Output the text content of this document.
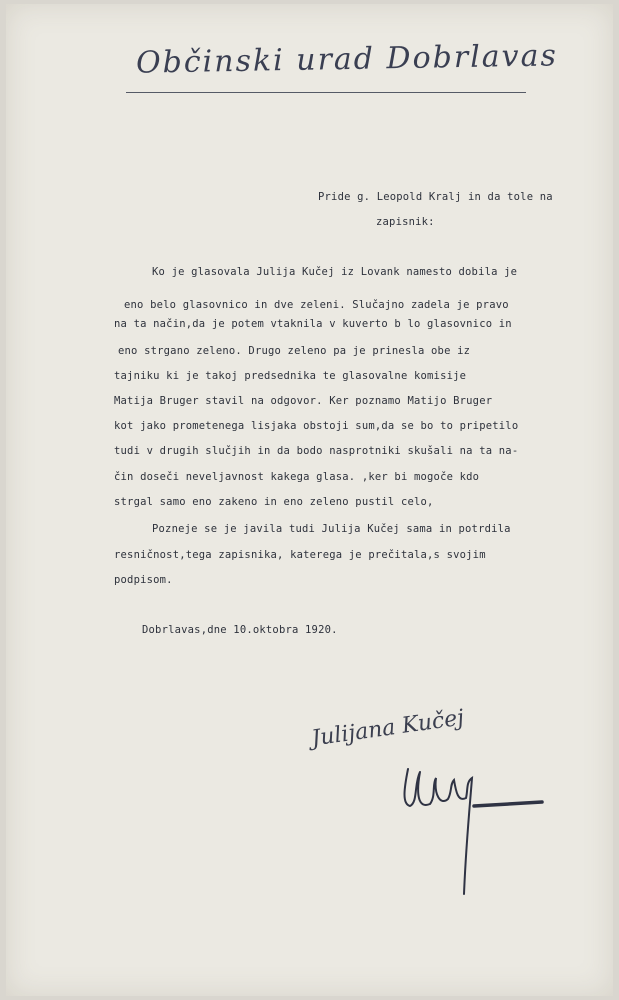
Občinski urad Dobrlavas
Pride g. Leopold Kralj in da tole na
zapisnik:
Ko je glasovala Julija Kučej iz Lovank namesto dobila je
eno belo glasovnico in dve zeleni. Slučajno zadela je pravo
na ta način,da je potem vtaknila v kuverto b lo glasovnico in
eno strgano zeleno. Drugo zeleno pa je prinesla obe iz
tajniku ki je takoj predsednika te glasovalne komisije
Matija Bruger stavil na odgovor. Ker poznamo Matijo Bruger
kot jako prometenega lisjaka obstoji sum,da se bo to pripetilo
tudi v drugih slučjih in da bodo nasprotniki skušali na ta na-
čin doseči neveljavnost kakega glasa. ,ker bi mogoče kdo
strgal samo eno zakeno in eno zeleno pustil celo,
Pozneje se je javila tudi Julija Kučej sama in potrdila
resničnost,tega zapisnika, katerega je prečitala,s svojim
podpisom.
Dobrlavas,dne 10.oktobra 1920.
Julijana Kučej
